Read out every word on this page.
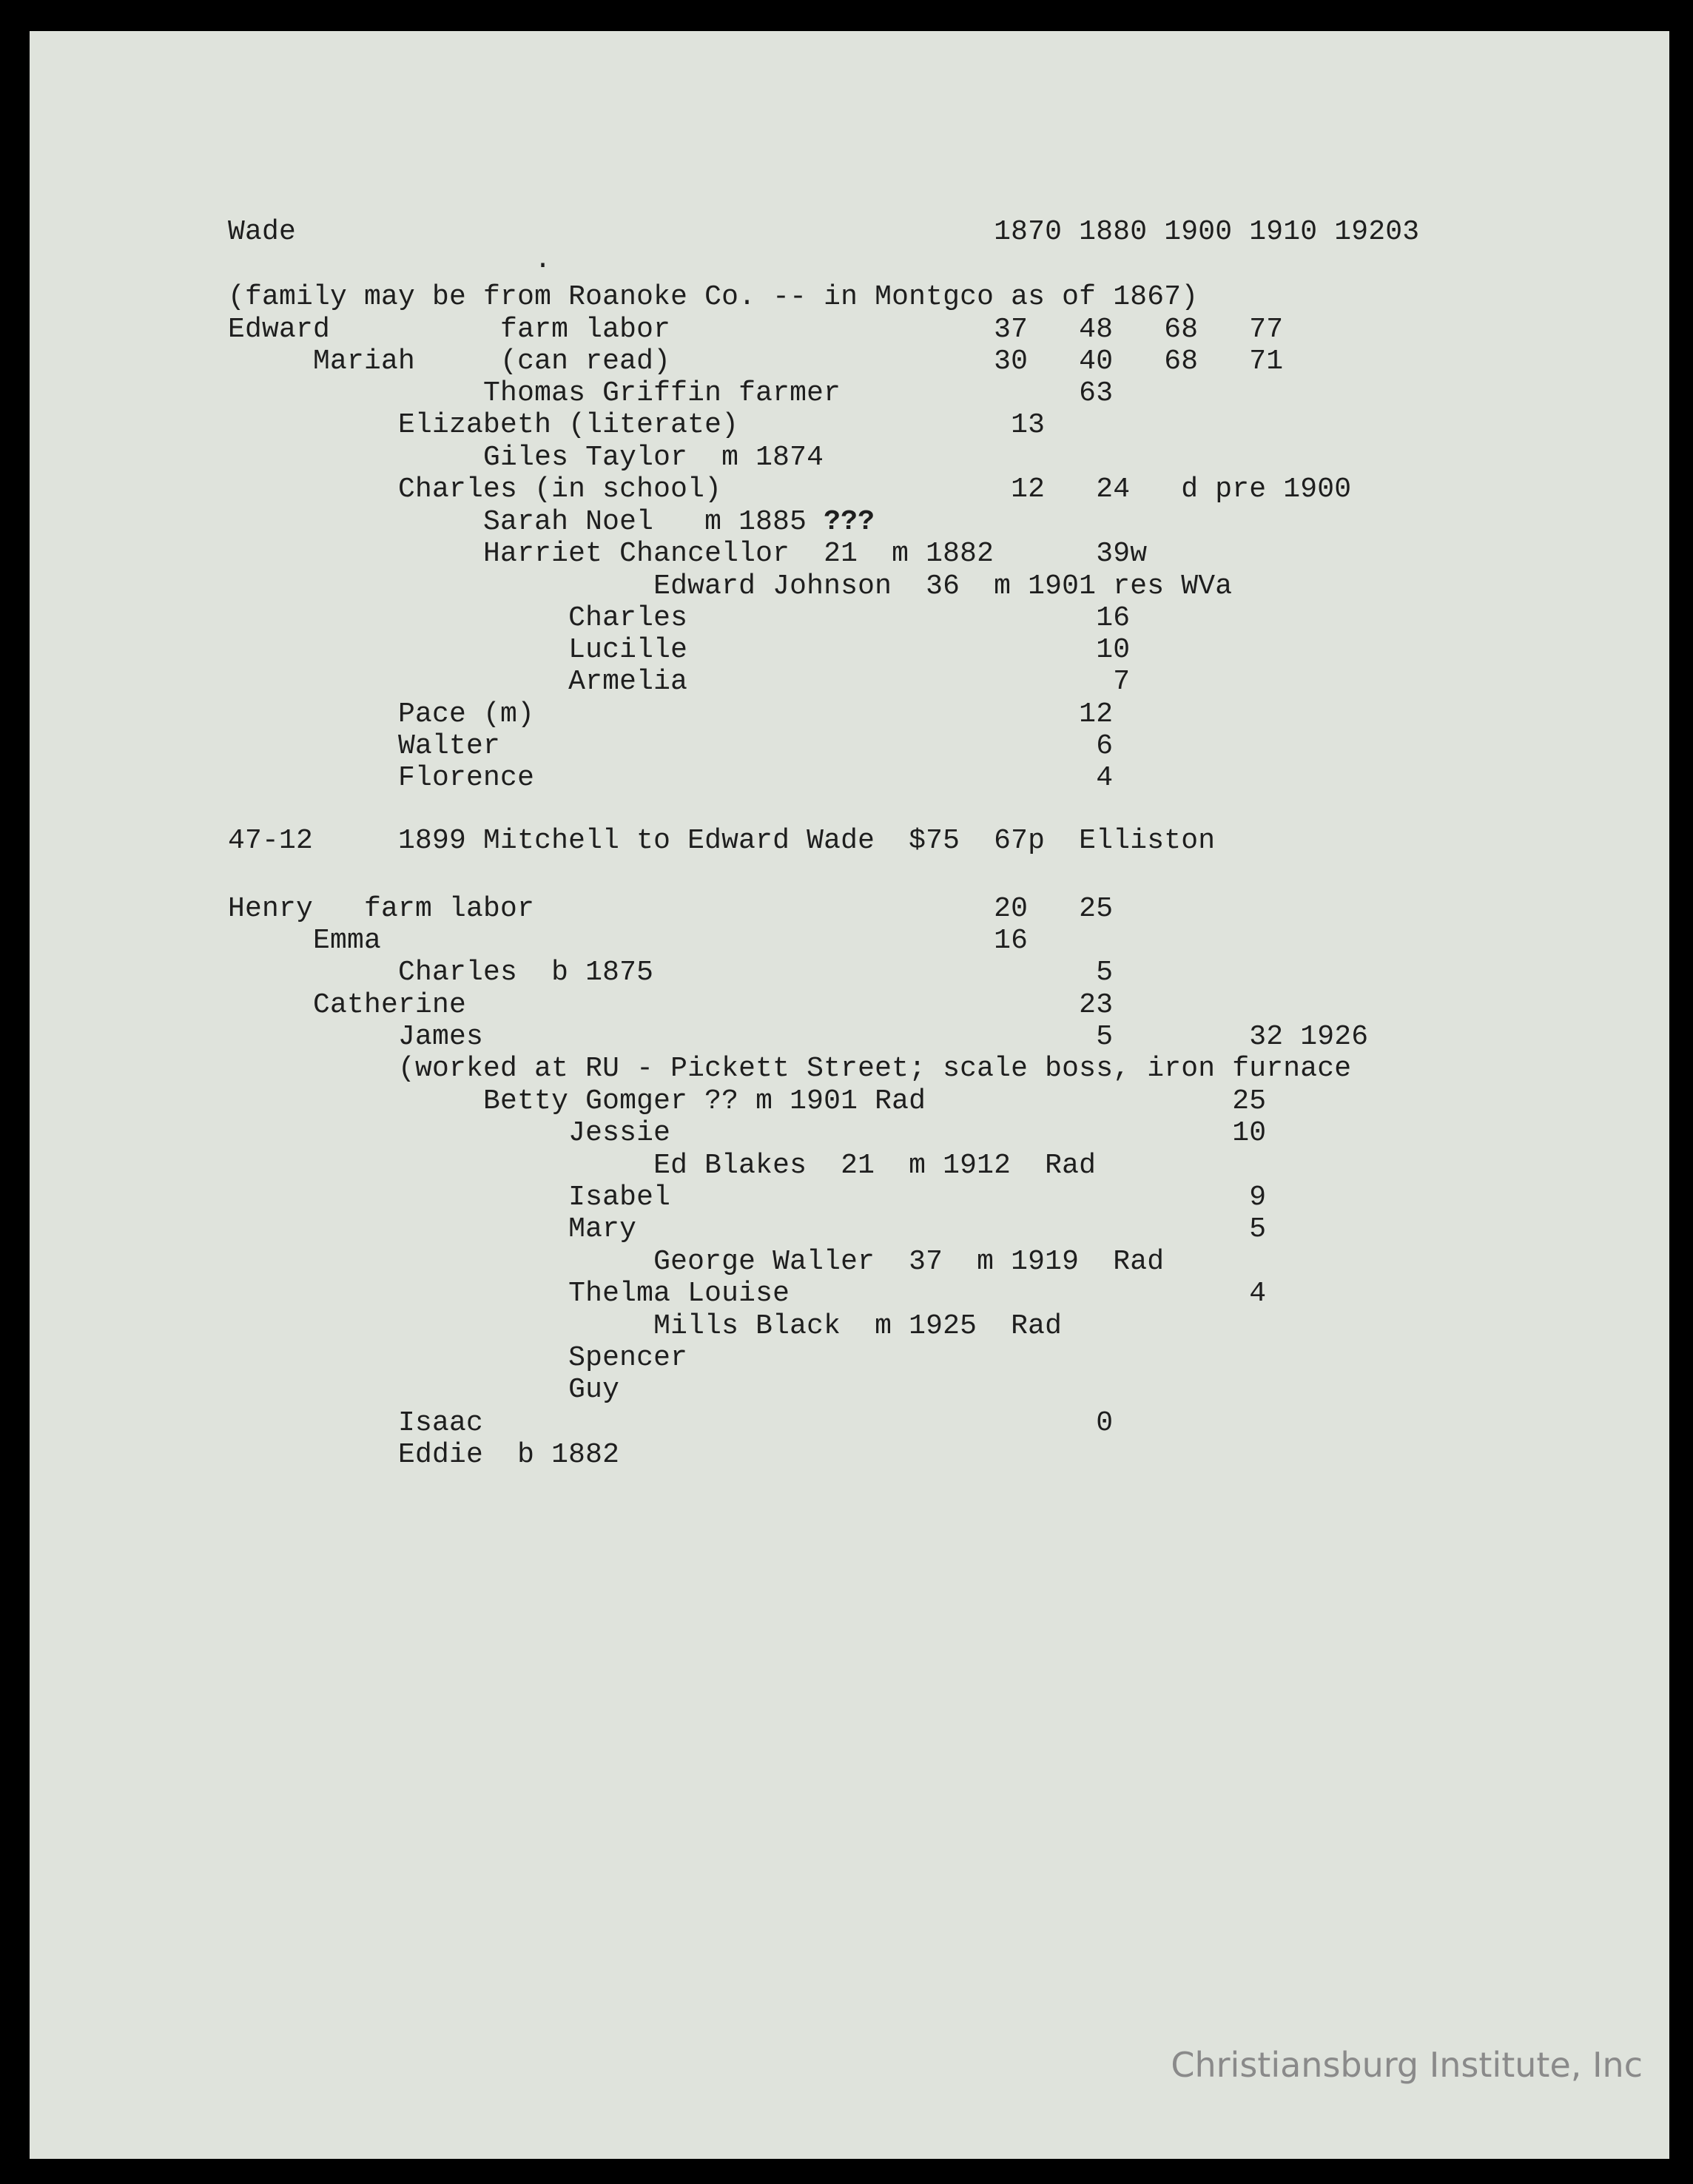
Christiansburg Institute, Inc
Wade                                         1870 1880 1900 1910 19203
.
(family may be from Roanoke Co. -- in Montgco as of 1867)
Edward          farm labor                   37   48   68   77
Mariah     (can read)                   30   40   68   71
Thomas Griffin farmer              63
Elizabeth (literate)                13
Giles Taylor  m 1874
Charles (in school)                 12   24   d pre 1900
Sarah Noel   m 1885 ???
Harriet Chancellor  21  m 1882      39w
Edward Johnson  36  m 1901 res WVa
Charles                        16
Lucille                        10
Armelia                         7
Pace (m)                                12
Walter                                   6
Florence                                 4
47-12     1899 Mitchell to Edward Wade  $75  67p  Elliston
Henry   farm labor                           20   25
Emma                                    16
Charles  b 1875                          5
Catherine                                    23
James                                    5        32 1926
(worked at RU - Pickett Street; scale boss, iron furnace
Betty Gomger ?? m 1901 Rad                  25
Jessie                                 10
Ed Blakes  21  m 1912  Rad
Isabel                                  9
Mary                                    5
George Waller  37  m 1919  Rad
Thelma Louise                           4
Mills Black  m 1925  Rad
Spencer
Guy
Isaac                                    0
Eddie  b 1882
